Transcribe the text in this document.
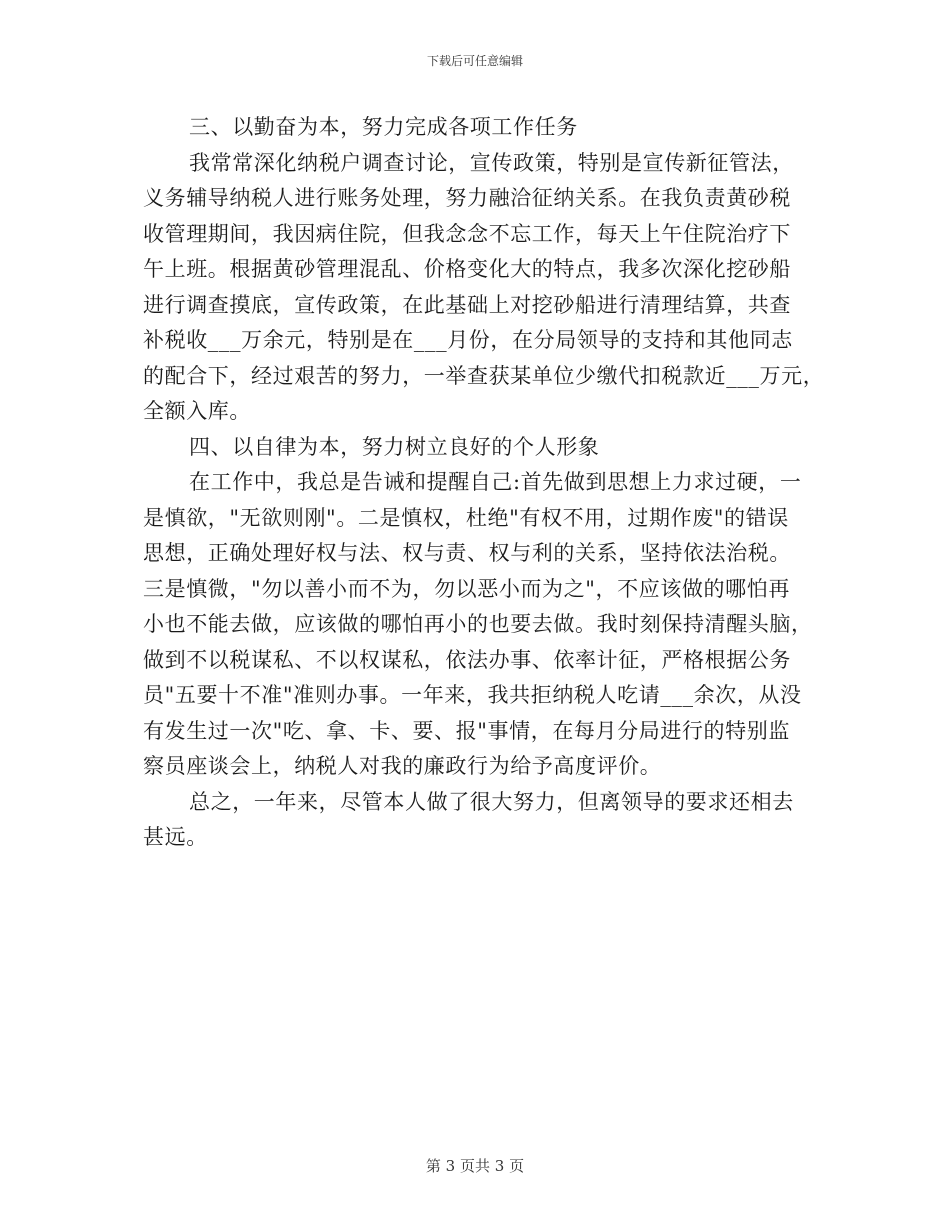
下载后可任意编辑
三、以勤奋为本，努力完成各项工作任务
我常常深化纳税户调查讨论，宣传政策，特别是宣传新征管法，
义务辅导纳税人进行账务处理，努力融洽征纳关系。在我负责黄砂税
收管理期间，我因病住院，但我念念不忘工作，每天上午住院治疗下
午上班。根据黄砂管理混乱、价格变化大的特点，我多次深化挖砂船
进行调查摸底，宣传政策，在此基础上对挖砂船进行清理结算，共查
补税收___万余元，特别是在___月份，在分局领导的支持和其他同志
的配合下，经过艰苦的努力，一举查获某单位少缴代扣税款近___万元，
全额入库。
四、以自律为本，努力树立良好的个人形象
在工作中，我总是告诫和提醒自己:首先做到思想上力求过硬，一
是慎欲，"无欲则刚"。二是慎权，杜绝"有权不用，过期作废"的错误
思想，正确处理好权与法、权与责、权与利的关系，坚持依法治税。
三是慎微，"勿以善小而不为，勿以恶小而为之"，不应该做的哪怕再
小也不能去做，应该做的哪怕再小的也要去做。我时刻保持清醒头脑，
做到不以税谋私、不以权谋私，依法办事、依率计征，严格根据公务
员"五要十不准"准则办事。一年来，我共拒纳税人吃请___余次，从没
有发生过一次"吃、拿、卡、要、报"事情，在每月分局进行的特别监
察员座谈会上，纳税人对我的廉政行为给予高度评价。
总之，一年来，尽管本人做了很大努力，但离领导的要求还相去
甚远。
第 3 页共 3 页
